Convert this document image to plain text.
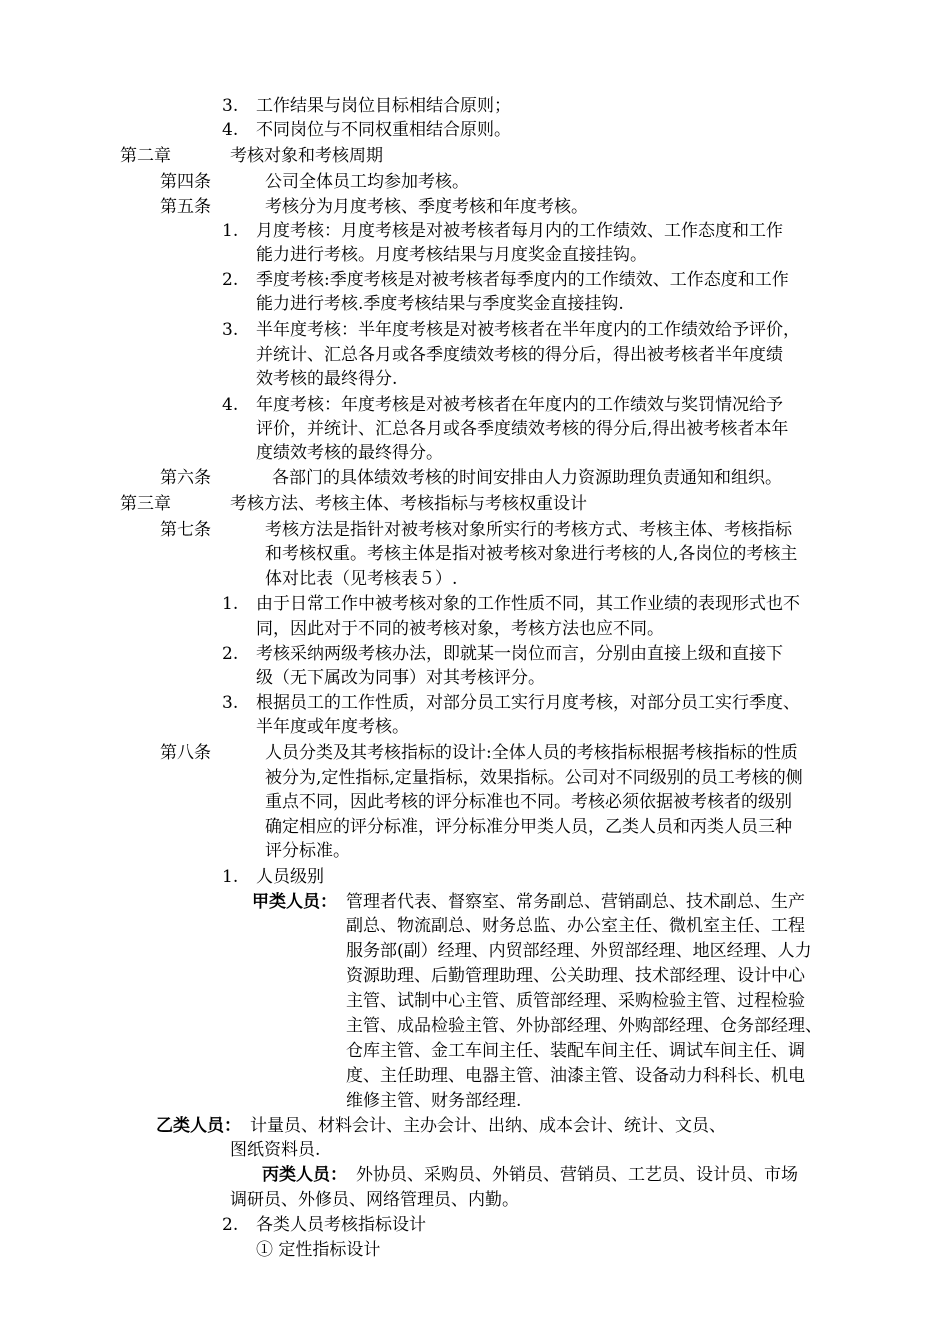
3. 工作结果与岗位目标相结合原则；
4. 不同岗位与不同权重相结合原则。
第二章	考核对象和考核周期
第四条	公司全体员工均参加考核。
第五条	考核分为月度考核、季度考核和年度考核。
1. 月度考核：月度考核是对被考核者每月内的工作绩效、工作态度和工作
能力进行考核。月度考核结果与月度奖金直接挂钩。
2. 季度考核:季度考核是对被考核者每季度内的工作绩效、工作态度和工作
能力进行考核.季度考核结果与季度奖金直接挂钩.
3. 半年度考核：半年度考核是对被考核者在半年度内的工作绩效给予评价，
并统计、汇总各月或各季度绩效考核的得分后，得出被考核者半年度绩
效考核的最终得分.
4. 年度考核：年度考核是对被考核者在年度内的工作绩效与奖罚情况给予
评价，并统计、汇总各月或各季度绩效考核的得分后,得出被考核者本年
度绩效考核的最终得分。
第六条	各部门的具体绩效考核的时间安排由人力资源助理负责通知和组织。
第三章	考核方法、考核主体、考核指标与考核权重设计
第七条	考核方法是指针对被考核对象所实行的考核方式、考核主体、考核指标
和考核权重。考核主体是指对被考核对象进行考核的人,各岗位的考核主
体对比表（见考核表５）.
1. 由于日常工作中被考核对象的工作性质不同，其工作业绩的表现形式也不
同，因此对于不同的被考核对象，考核方法也应不同。
2. 考核采纳两级考核办法，即就某一岗位而言，分别由直接上级和直接下
级（无下属改为同事）对其考核评分。
3. 根据员工的工作性质，对部分员工实行月度考核，对部分员工实行季度、
半年度或年度考核。
第八条	人员分类及其考核指标的设计:全体人员的考核指标根据考核指标的性质
被分为,定性指标,定量指标，效果指标。公司对不同级别的员工考核的侧
重点不同，因此考核的评分标准也不同。考核必须依据被考核者的级别
确定相应的评分标准，评分标准分甲类人员，乙类人员和丙类人员三种
评分标准。
1. 人员级别
甲类人员： 管理者代表、督察室、常务副总、营销副总、技术副总、生产
副总、物流副总、财务总监、办公室主任、微机室主任、工程
服务部(副）经理、内贸部经理、外贸部经理、地区经理、人力
资源助理、后勤管理助理、公关助理、技术部经理、设计中心
主管、试制中心主管、质管部经理、采购检验主管、过程检验
主管、成品检验主管、外协部经理、外购部经理、仓务部经理、
仓库主管、金工车间主任、装配车间主任、调试车间主任、调
度、主任助理、电器主管、油漆主管、设备动力科科长、机电
维修主管、财务部经理.
乙类人员： 计量员、材料会计、主办会计、出纳、成本会计、统计、文员、
图纸资料员.
丙类人员： 外协员、采购员、外销员、营销员、工艺员、设计员、市场
调研员、外修员、网络管理员、内勤。
2. 各类人员考核指标设计
① 定性指标设计
